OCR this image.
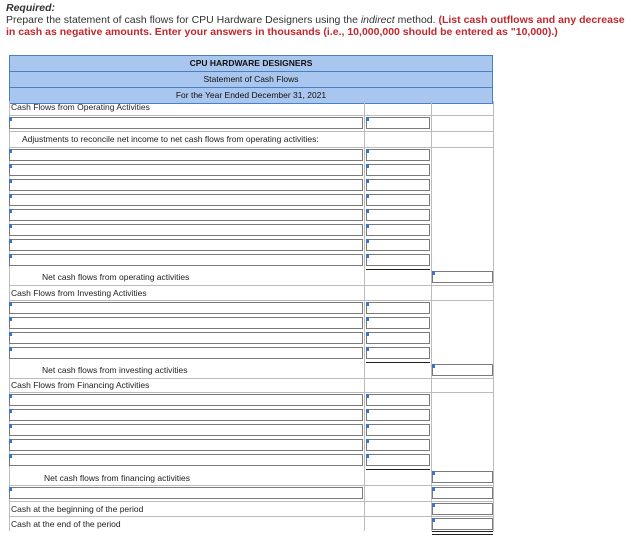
Required:
Prepare the statement of cash flows for CPU Hardware Designers using the indirect method. (List cash outflows and any decrease in cash as negative amounts. Enter your answers in thousands (i.e., 10,000,000 should be entered as "10,000).)
CPU HARDWARE DESIGNERS
Statement of Cash Flows
For the Year Ended December 31, 2021
Cash Flows from Operating Activities
Adjustments to reconcile net income to net cash flows from operating activities:
Net cash flows from operating activities
Cash Flows from Investing Activities
Net cash flows from investing activities
Cash Flows from Financing Activities
Net cash flows from financing activities
Cash at the beginning of the period
Cash at the end of the period
